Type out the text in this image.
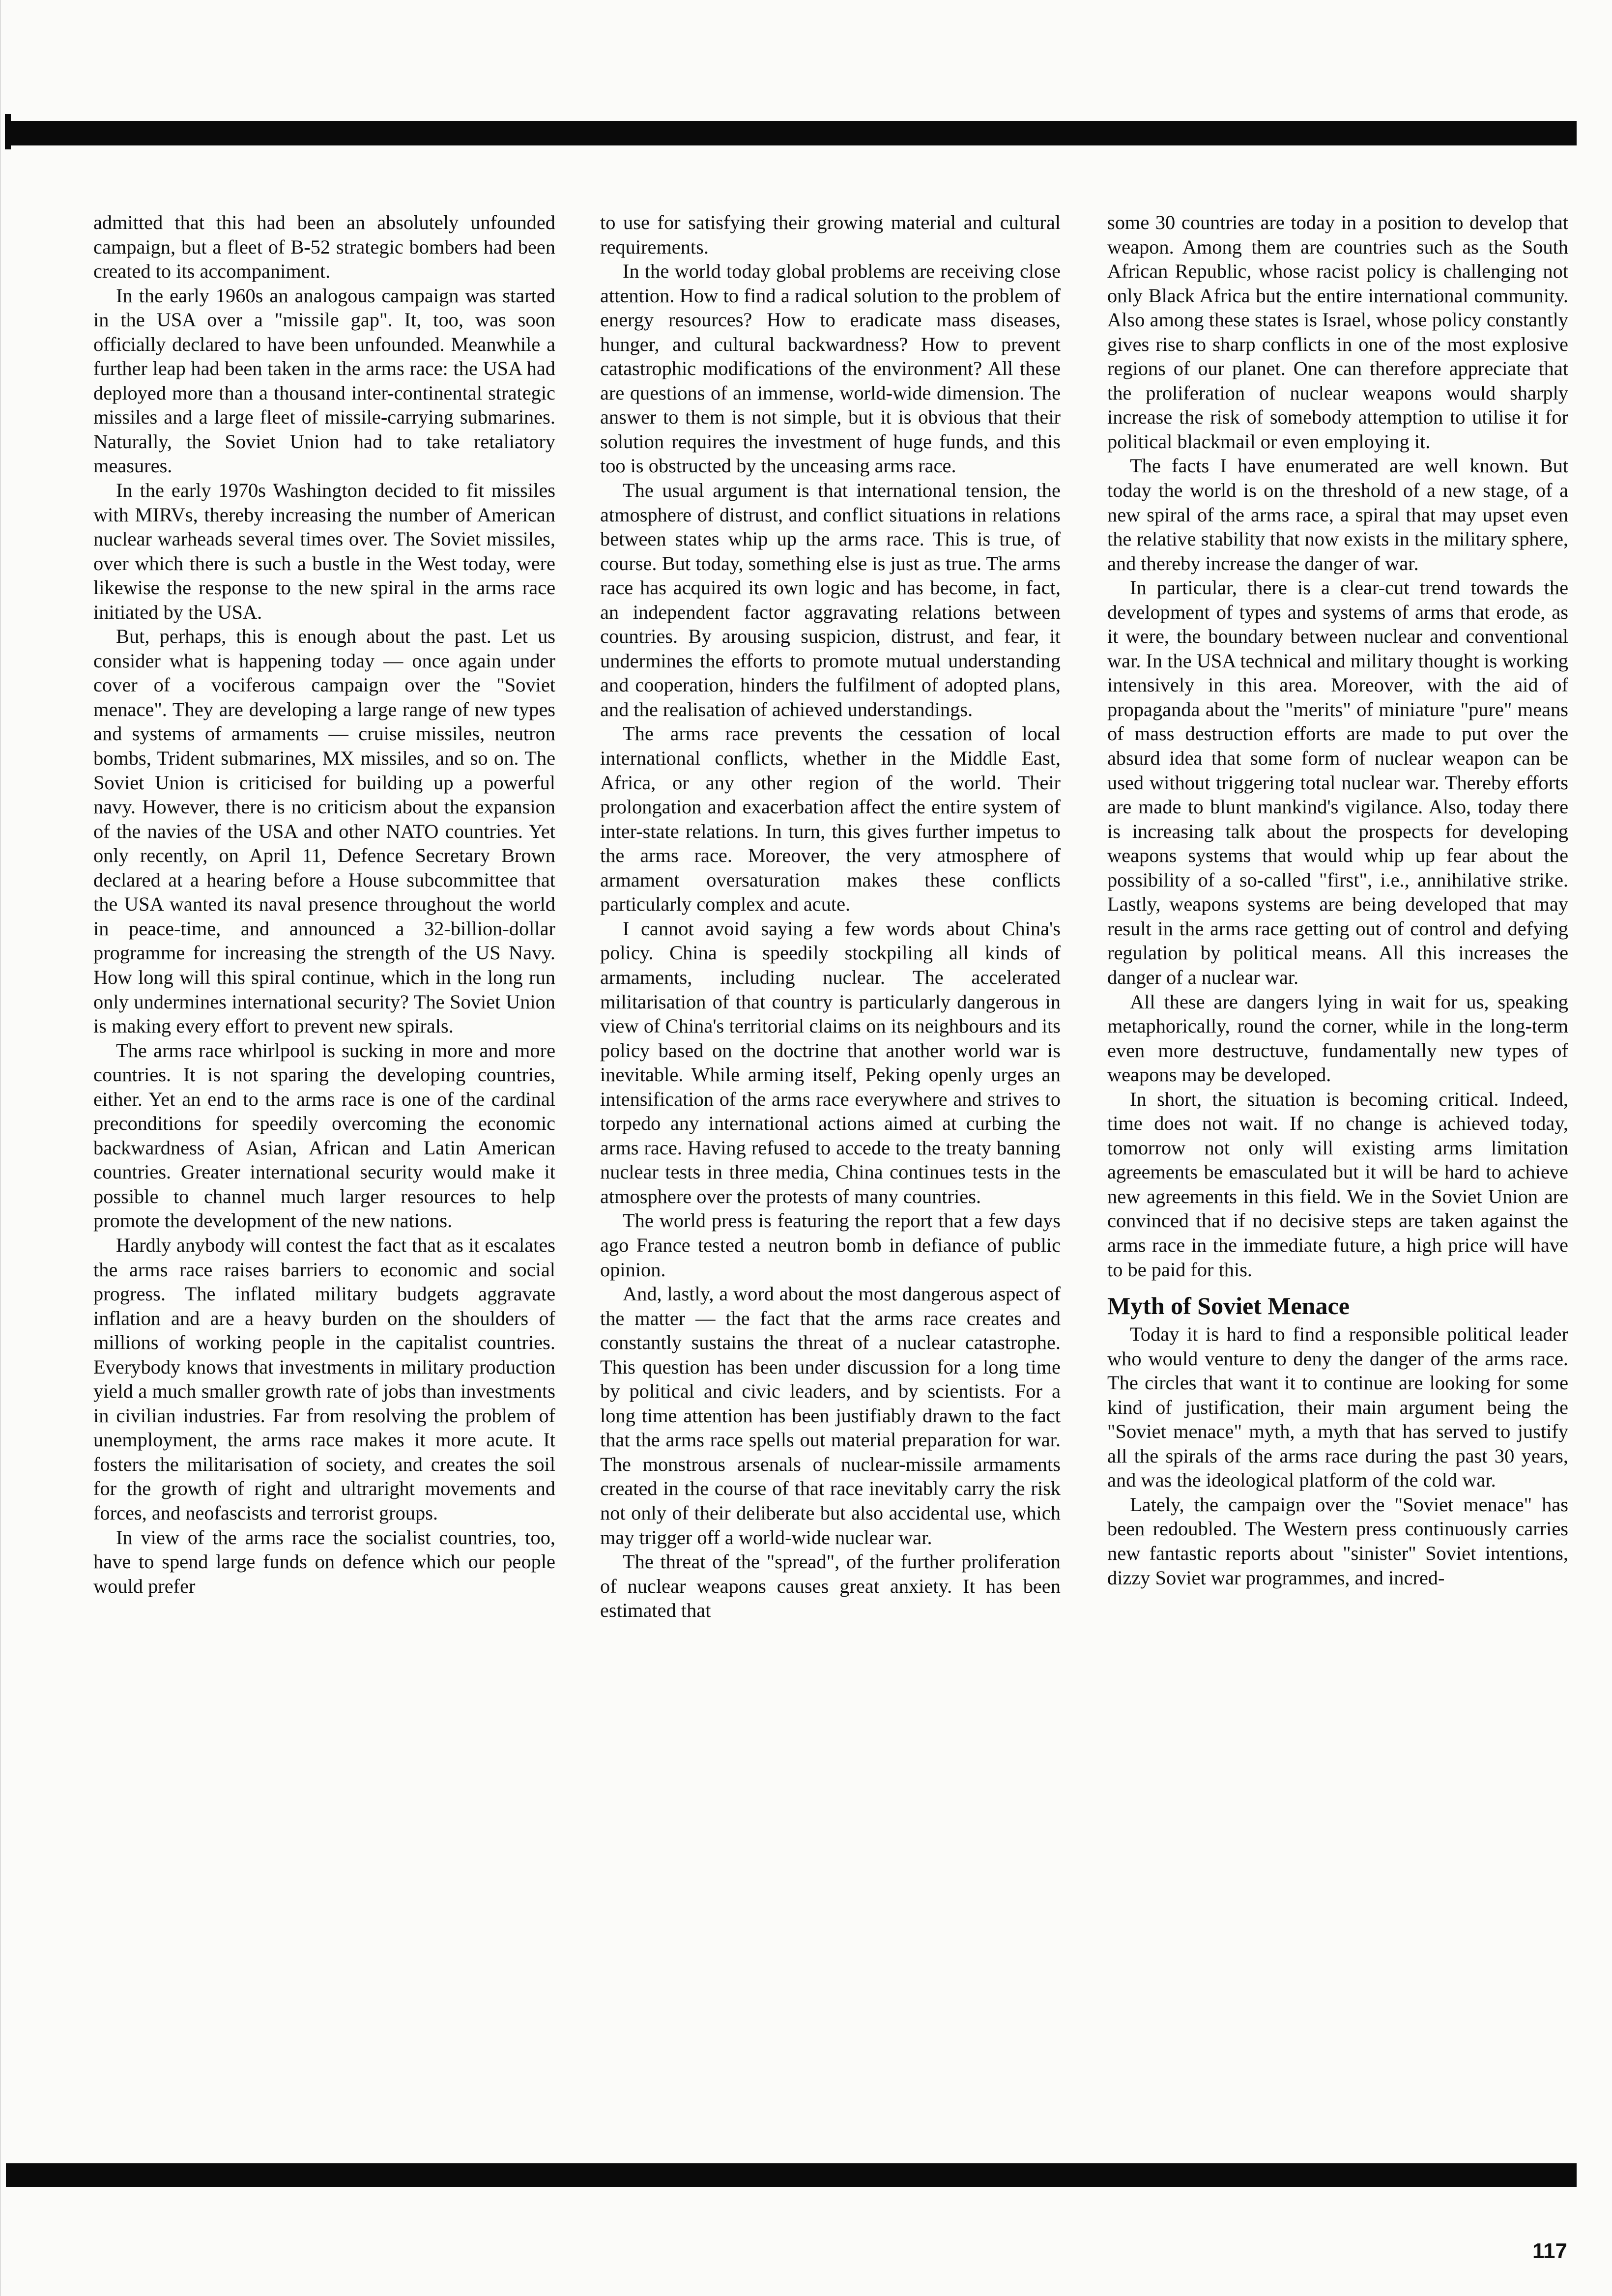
admitted that this had been an absolutely unfounded campaign, but a fleet of B-52 strategic bombers had been created to its accompaniment.

In the early 1960s an analogous campaign was started in the USA over a "missile gap". It, too, was soon officially declared to have been unfounded. Meanwhile a further leap had been taken in the arms race: the USA had deployed more than a thousand inter-continental strategic missiles and a large fleet of missile-carrying submarines. Naturally, the Soviet Union had to take retaliatory measures.

In the early 1970s Washington decided to fit missiles with MIRVs, thereby increasing the number of American nuclear warheads several times over. The Soviet missiles, over which there is such a bustle in the West today, were likewise the response to the new spiral in the arms race initiated by the USA.

But, perhaps, this is enough about the past. Let us consider what is happening today — once again under cover of a vociferous campaign over the "Soviet menace". They are developing a large range of new types and systems of armaments — cruise missiles, neutron bombs, Trident submarines, MX missiles, and so on. The Soviet Union is criticised for building up a powerful navy. However, there is no criticism about the expansion of the navies of the USA and other NATO countries. Yet only recently, on April 11, Defence Secretary Brown declared at a hearing before a House subcommittee that the USA wanted its naval presence throughout the world in peace-time, and announced a 32-billion-dollar programme for increasing the strength of the US Navy. How long will this spiral continue, which in the long run only undermines international security? The Soviet Union is making every effort to prevent new spirals.

The arms race whirlpool is sucking in more and more countries. It is not sparing the developing countries, either. Yet an end to the arms race is one of the cardinal preconditions for speedily overcoming the economic backwardness of Asian, African and Latin American countries. Greater international security would make it possible to channel much larger resources to help promote the development of the new nations.

Hardly anybody will contest the fact that as it escalates the arms race raises barriers to economic and social progress. The inflated military budgets aggravate inflation and are a heavy burden on the shoulders of millions of working people in the capitalist countries. Everybody knows that investments in military production yield a much smaller growth rate of jobs than investments in civilian industries. Far from resolving the problem of unemployment, the arms race makes it more acute. It fosters the militarisation of society, and creates the soil for the growth of right and ultraright movements and forces, and neofascists and terrorist groups.

In view of the arms race the socialist countries, too, have to spend large funds on defence which our people would prefer

to use for satisfying their growing material and cultural requirements.

In the world today global problems are receiving close attention. How to find a radical solution to the problem of energy resources? How to eradicate mass diseases, hunger, and cultural backwardness? How to prevent catastrophic modifications of the environment? All these are questions of an immense, world-wide dimension. The answer to them is not simple, but it is obvious that their solution requires the investment of huge funds, and this too is obstructed by the unceasing arms race.

The usual argument is that international tension, the atmosphere of distrust, and conflict situations in relations between states whip up the arms race. This is true, of course. But today, something else is just as true. The arms race has acquired its own logic and has become, in fact, an independent factor aggravating relations between countries. By arousing suspicion, distrust, and fear, it undermines the efforts to promote mutual understanding and cooperation, hinders the fulfilment of adopted plans, and the realisation of achieved understandings.

The arms race prevents the cessation of local international conflicts, whether in the Middle East, Africa, or any other region of the world. Their prolongation and exacerbation affect the entire system of inter-state relations. In turn, this gives further impetus to the arms race. Moreover, the very atmosphere of armament oversaturation makes these conflicts particularly complex and acute.

I cannot avoid saying a few words about China's policy. China is speedily stockpiling all kinds of armaments, including nuclear. The accelerated militarisation of that country is particularly dangerous in view of China's territorial claims on its neighbours and its policy based on the doctrine that another world war is inevitable. While arming itself, Peking openly urges an intensification of the arms race everywhere and strives to torpedo any international actions aimed at curbing the arms race. Having refused to accede to the treaty banning nuclear tests in three media, China continues tests in the atmosphere over the protests of many countries.

The world press is featuring the report that a few days ago France tested a neutron bomb in defiance of public opinion.

And, lastly, a word about the most dangerous aspect of the matter — the fact that the arms race creates and constantly sustains the threat of a nuclear catastrophe. This question has been under discussion for a long time by political and civic leaders, and by scientists. For a long time attention has been justifiably drawn to the fact that the arms race spells out material preparation for war. The monstrous arsenals of nuclear-missile armaments created in the course of that race inevitably carry the risk not only of their deliberate but also accidental use, which may trigger off a world-wide nuclear war.

The threat of the "spread", of the further proliferation of nuclear weapons causes great anxiety. It has been estimated that

some 30 countries are today in a position to develop that weapon. Among them are countries such as the South African Republic, whose racist policy is challenging not only Black Africa but the entire international community. Also among these states is Israel, whose policy constantly gives rise to sharp conflicts in one of the most explosive regions of our planet. One can therefore appreciate that the proliferation of nuclear weapons would sharply increase the risk of somebody attemption to utilise it for political blackmail or even employing it.

The facts I have enumerated are well known. But today the world is on the threshold of a new stage, of a new spiral of the arms race, a spiral that may upset even the relative stability that now exists in the military sphere, and thereby increase the danger of war.

In particular, there is a clear-cut trend towards the development of types and systems of arms that erode, as it were, the boundary between nuclear and conventional war. In the USA technical and military thought is working intensively in this area. Moreover, with the aid of propaganda about the "merits" of miniature "pure" means of mass destruction efforts are made to put over the absurd idea that some form of nuclear weapon can be used without triggering total nuclear war. Thereby efforts are made to blunt mankind's vigilance. Also, today there is increasing talk about the prospects for developing weapons systems that would whip up fear about the possibility of a so-called "first", i.e., annihilative strike. Lastly, weapons systems are being developed that may result in the arms race getting out of control and defying regulation by political means. All this increases the danger of a nuclear war.

All these are dangers lying in wait for us, speaking metaphorically, round the corner, while in the long-term even more destructuve, fundamentally new types of weapons may be developed.

In short, the situation is becoming critical. Indeed, time does not wait. If no change is achieved today, tomorrow not only will existing arms limitation agreements be emasculated but it will be hard to achieve new agreements in this field. We in the Soviet Union are convinced that if no decisive steps are taken against the arms race in the immediate future, a high price will have to be paid for this.

Myth of Soviet Menace

Today it is hard to find a responsible political leader who would venture to deny the danger of the arms race. The circles that want it to continue are looking for some kind of justification, their main argument being the "Soviet menace" myth, a myth that has served to justify all the spirals of the arms race during the past 30 years, and was the ideological platform of the cold war.

Lately, the campaign over the "Soviet menace" has been redoubled. The Western press continuously carries new fantastic reports about "sinister" Soviet intentions, dizzy Soviet war programmes, and incred-

117
